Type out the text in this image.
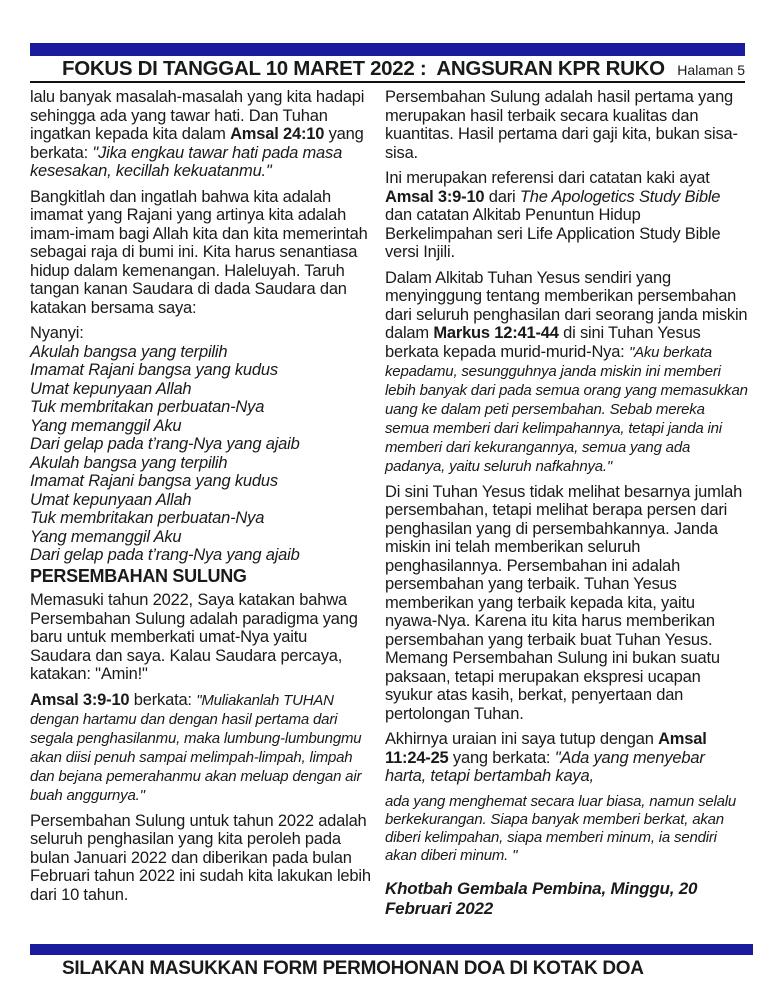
FOKUS DI TANGGAL 10 MARET 2022 :  ANGSURAN KPR RUKO Halaman 5

lalu banyak masalah-masalah yang kita hadapi sehingga ada yang tawar hati. Dan Tuhan ingatkan kepada kita dalam Amsal 24:10 yang berkata: "Jika engkau tawar hati pada masa kesesakan, kecillah kekuatanmu."

Bangkitlah dan ingatlah bahwa kita adalah imamat yang Rajani yang artinya kita adalah imam-imam bagi Allah kita dan kita memerintah sebagai raja di bumi ini. Kita harus senantiasa hidup dalam kemenangan. Haleluyah. Taruh tangan kanan Saudara di dada Saudara dan katakan bersama saya:

Nyanyi:
Akulah bangsa yang terpilih
Imamat Rajani bangsa yang kudus
Umat kepunyaan Allah
Tuk membritakan perbuatan-Nya
Yang memanggil Aku
Dari gelap pada t’rang-Nya yang ajaib
Akulah bangsa yang terpilih
Imamat Rajani bangsa yang kudus
Umat kepunyaan Allah
Tuk membritakan perbuatan-Nya
Yang memanggil Aku
Dari gelap pada t’rang-Nya yang ajaib
PERSEMBAHAN SULUNG

Memasuki tahun 2022, Saya katakan bahwa Persembahan Sulung adalah paradigma yang baru untuk memberkati umat-Nya yaitu Saudara dan saya. Kalau Saudara percaya, katakan: "Amin!"

Amsal 3:9-10 berkata: "Muliakanlah TUHAN dengan hartamu dan dengan hasil pertama dari segala penghasilanmu, maka lumbung-lumbungmu akan diisi penuh sampai melimpah-limpah, limpah dan bejana pemerahanmu akan meluap dengan air buah anggurnya."

Persembahan Sulung untuk tahun 2022 adalah seluruh penghasilan yang kita peroleh pada bulan Januari 2022 dan diberikan pada bulan Februari tahun 2022 ini sudah kita lakukan lebih dari 10 tahun.

Persembahan Sulung adalah hasil pertama yang merupakan hasil terbaik secara kualitas dan kuantitas. Hasil pertama dari gaji kita, bukan sisa-sisa.

Ini merupakan referensi dari catatan kaki ayat Amsal 3:9-10 dari The Apologetics Study Bible dan catatan Alkitab Penuntun Hidup Berkelimpahan seri Life Application Study Bible versi Injili.

Dalam Alkitab Tuhan Yesus sendiri yang menyinggung tentang memberikan persembahan dari seluruh penghasilan dari seorang janda miskin dalam Markus 12:41-44 di sini Tuhan Yesus berkata kepada murid-murid-Nya: "Aku berkata kepadamu, sesungguhnya janda miskin ini memberi lebih banyak dari pada semua orang yang memasukkan uang ke dalam peti persembahan. Sebab mereka semua memberi dari kelimpahannya, tetapi janda ini memberi dari kekurangannya, semua yang ada padanya, yaitu seluruh nafkahnya."

Di sini Tuhan Yesus tidak melihat besarnya jumlah persembahan, tetapi melihat berapa persen dari penghasilan yang di persembahkannya. Janda miskin ini telah memberikan seluruh penghasilannya. Persembahan ini adalah persembahan yang terbaik. Tuhan Yesus memberikan yang terbaik kepada kita, yaitu nyawa-Nya. Karena itu kita harus memberikan persembahan yang terbaik buat Tuhan Yesus. Memang Persembahan Sulung ini bukan suatu paksaan, tetapi merupakan ekspresi ucapan syukur atas kasih, berkat, penyertaan dan pertolongan Tuhan.

Akhirnya uraian ini saya tutup dengan Amsal 11:24-25 yang berkata: "Ada yang menyebar harta, tetapi bertambah kaya,

ada yang menghemat secara luar biasa, namun selalu berkekurangan. Siapa banyak memberi berkat, akan diberi kelimpahan, siapa memberi minum, ia sendiri akan diberi minum. "
Khotbah Gembala Pembina, Minggu, 20 Februari 2022
SILAKAN MASUKKAN FORM PERMOHONAN DOA DI KOTAK DOA
